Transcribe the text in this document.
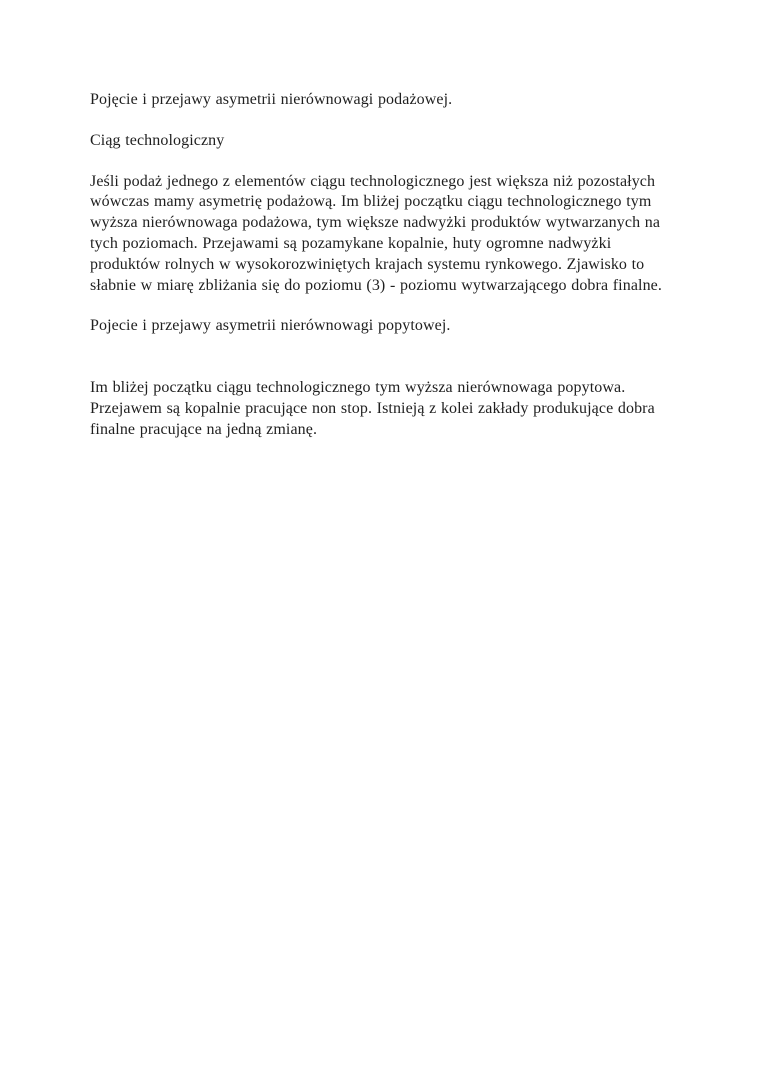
Pojęcie i przejawy asymetrii nierównowagi podażowej.

Ciąg technologiczny

Jeśli podaż jednego z elementów ciągu technologicznego jest większa niż pozostałych wówczas mamy asymetrię podażową. Im bliżej początku ciągu technologicznego tym wyższa nierównowaga podażowa, tym większe nadwyżki produktów wytwarzanych na tych poziomach. Przejawami są pozamykane kopalnie, huty ogromne nadwyżki produktów rolnych w wysokorozwiniętych krajach systemu rynkowego. Zjawisko to słabnie w miarę zbliżania się do poziomu (3) - poziomu wytwarzającego dobra finalne.

Pojecie i przejawy asymetrii nierównowagi popytowej.

Im bliżej początku ciągu technologicznego tym wyższa nierównowaga popytowa. Przejawem są kopalnie pracujące non stop. Istnieją z kolei zakłady produkujące dobra finalne pracujące na jedną zmianę.
